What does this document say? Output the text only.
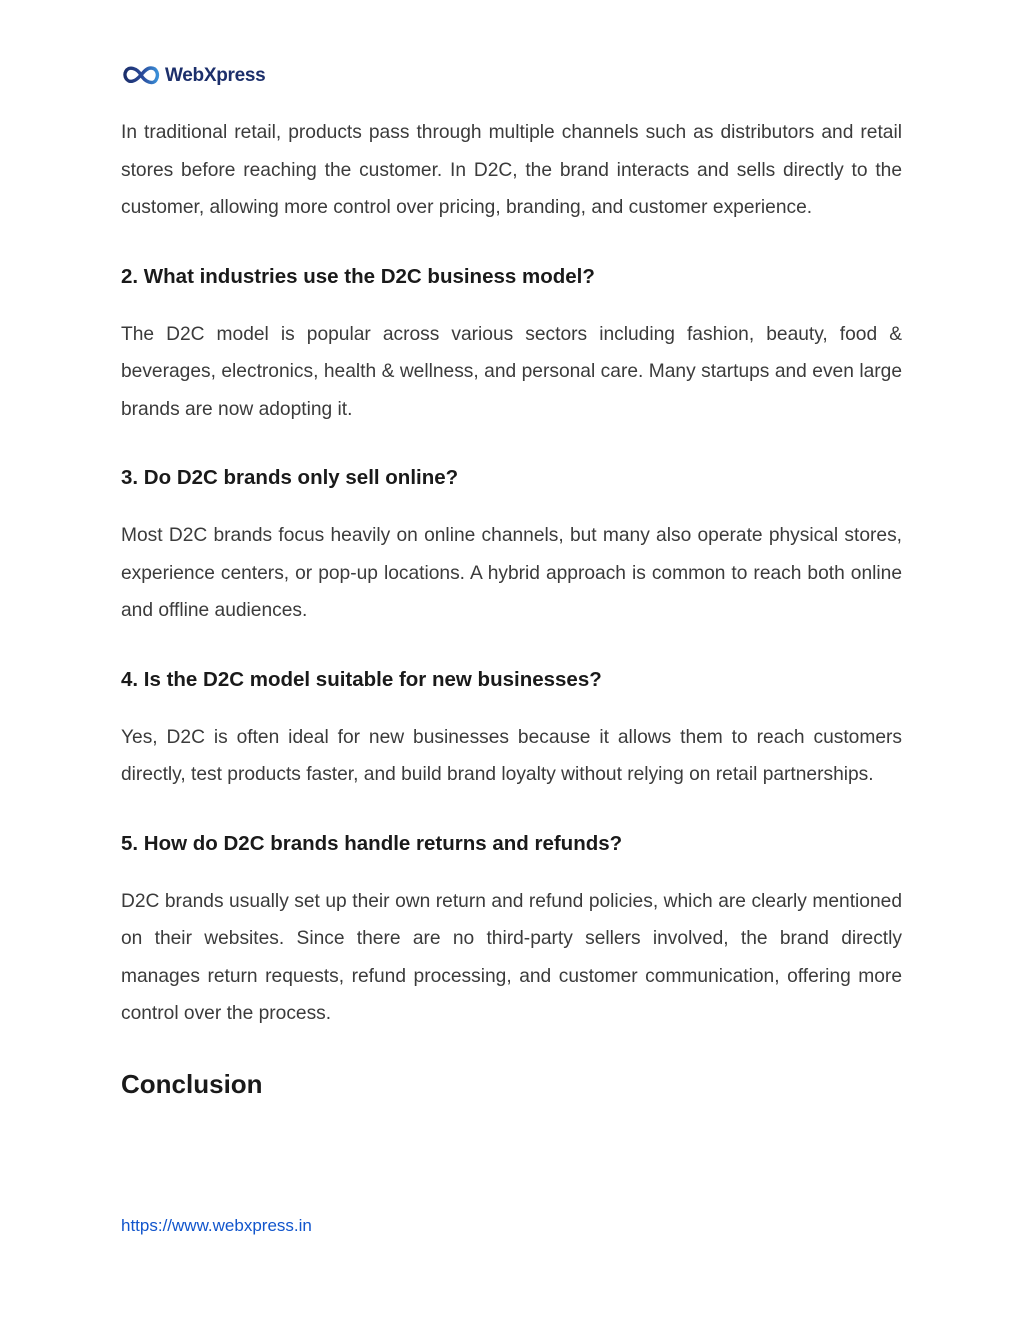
WebXpress

In traditional retail, products pass through multiple channels such as distributors and retail stores before reaching the customer. In D2C, the brand interacts and sells directly to the customer, allowing more control over pricing, branding, and customer experience.

2. What industries use the D2C business model?

The D2C model is popular across various sectors including fashion, beauty, food & beverages, electronics, health & wellness, and personal care. Many startups and even large brands are now adopting it.

3. Do D2C brands only sell online?

Most D2C brands focus heavily on online channels, but many also operate physical stores, experience centers, or pop-up locations. A hybrid approach is common to reach both online and offline audiences.

4. Is the D2C model suitable for new businesses?

Yes, D2C is often ideal for new businesses because it allows them to reach customers directly, test products faster, and build brand loyalty without relying on retail partnerships.

5. How do D2C brands handle returns and refunds?

D2C brands usually set up their own return and refund policies, which are clearly mentioned on their websites. Since there are no third-party sellers involved, the brand directly manages return requests, refund processing, and customer communication, offering more control over the process.

Conclusion
https://www.webxpress.in
